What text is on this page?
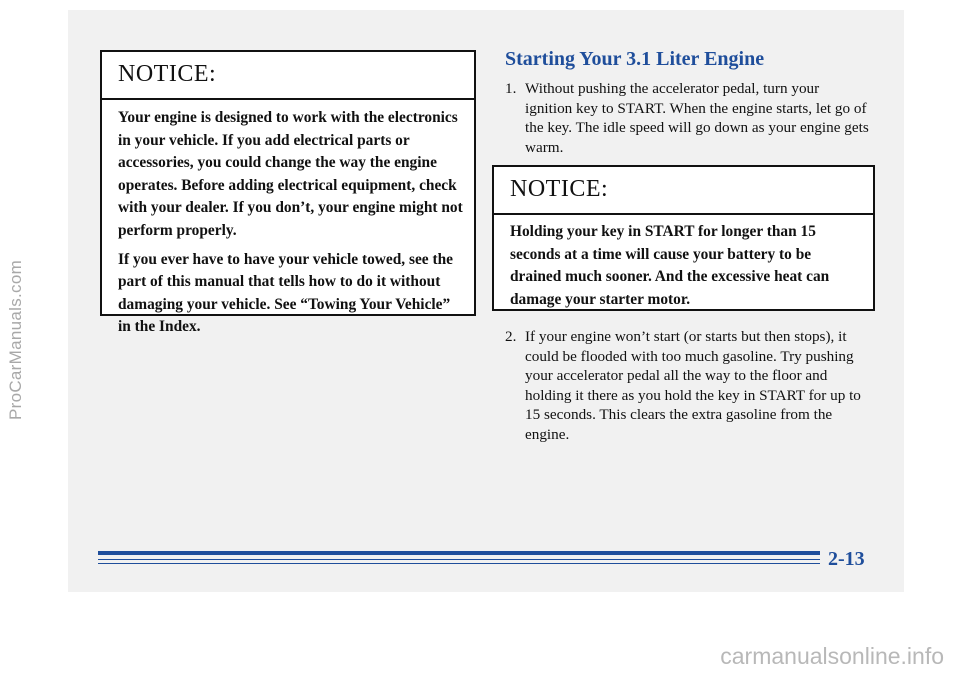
ProCarManuals.com
NOTICE:

Your engine is designed to work with the electronics in your vehicle. If you add electrical parts or accessories, you could change the way the engine operates. Before adding electrical equipment, check with your dealer. If you don’t, your engine might not perform properly.

If you ever have to have your vehicle towed, see the part of this manual that tells how to do it without damaging your vehicle. See “Towing Your Vehicle” in the Index.

Starting Your 3.1 Liter Engine
1. Without pushing the accelerator pedal, turn your ignition key to START. When the engine starts, let go of the key. The idle speed will go down as your engine gets warm.
NOTICE:

Holding your key in START for longer than 15 seconds at a time will cause your battery to be drained much sooner. And the excessive heat can damage your starter motor.

2. If your engine won’t start (or starts but then stops), it could be flooded with too much gasoline. Try pushing your accelerator pedal all the way to the floor and holding it there as you hold the key in START for up to 15 seconds. This clears the extra gasoline from the engine.
2-13
carmanualsonline.info
